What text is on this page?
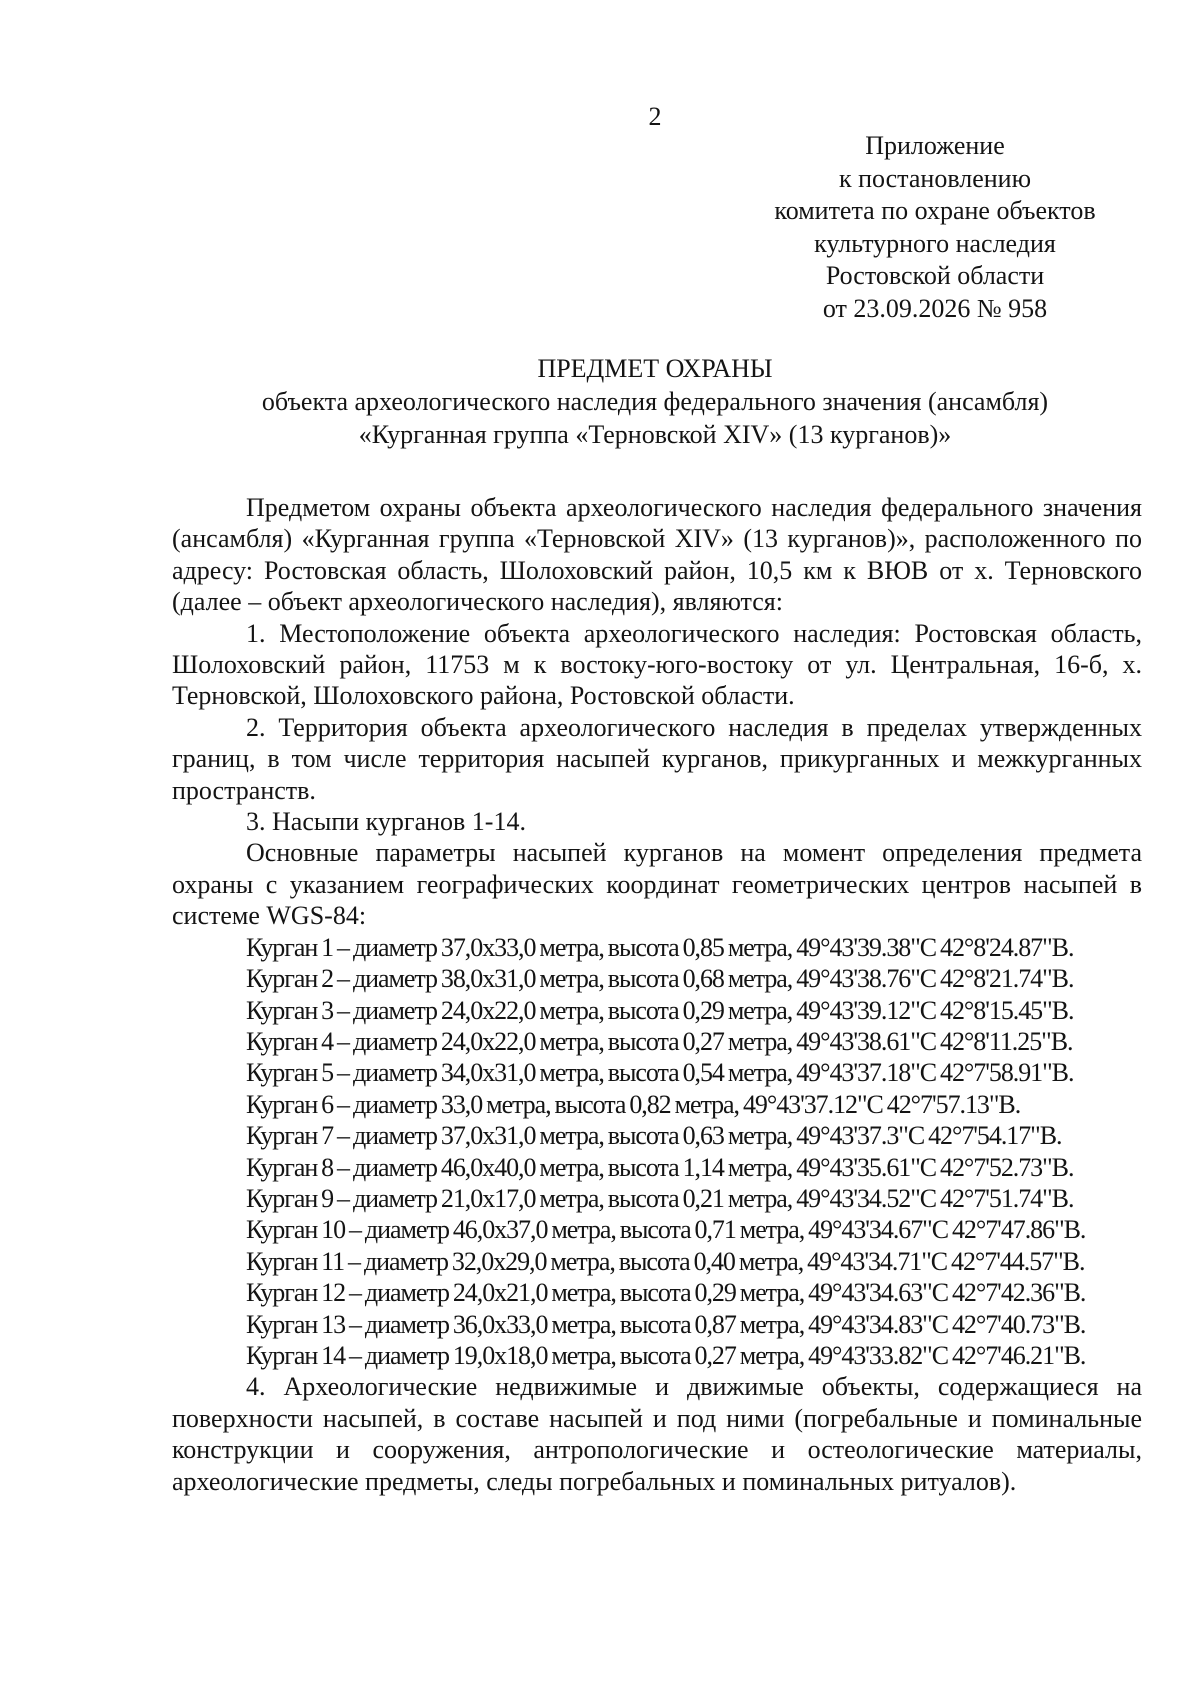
2
Приложение
к постановлению
комитета по охране объектов
культурного наследия
Ростовской области
от 23.09.2026 № 958
ПРЕДМЕТ ОХРАНЫ
объекта археологического наследия федерального значения (ансамбля)
«Курганная группа «Терновской XIV» (13 курганов)»

Предметом охраны объекта археологического наследия федерального значения (ансамбля) «Курганная группа «Терновской XIV» (13 курганов)», расположенного по адресу: Ростовская область, Шолоховский район, 10,5 км к ВЮВ от х. Терновского (далее – объект археологического наследия), являются:

1. Местоположение объекта археологического наследия: Ростовская область, Шолоховский район, 11753 м к востоку-юго-востоку от ул. Центральная, 16-б, х. Терновской, Шолоховского района, Ростовской области.

2. Территория объекта археологического наследия в пределах утвержденных границ, в том числе территория насыпей курганов, прикурганных и межкурганных пространств.

3. Насыпи курганов 1-14.

Основные параметры насыпей курганов на момент определения предмета охраны с указанием географических координат геометрических центров насыпей в системе WGS-84:

Курган 1 – диаметр 37,0х33,0 метра, высота 0,85 метра, 49°43'39.38"С 42°8'24.87"В.
Курган 2 – диаметр 38,0х31,0 метра, высота 0,68 метра, 49°43'38.76"С 42°8'21.74"В.
Курган 3 – диаметр 24,0х22,0 метра, высота 0,29 метра, 49°43'39.12"С 42°8'15.45"В.
Курган 4 – диаметр 24,0х22,0 метра, высота 0,27 метра, 49°43'38.61"С 42°8'11.25"В.
Курган 5 – диаметр 34,0х31,0 метра, высота 0,54 метра, 49°43'37.18"С 42°7'58.91"В.
Курган 6 – диаметр 33,0 метра, высота 0,82 метра, 49°43'37.12"С 42°7'57.13"В.
Курган 7 – диаметр 37,0х31,0 метра, высота 0,63 метра, 49°43'37.3"С 42°7'54.17"В.
Курган 8 – диаметр 46,0х40,0 метра, высота 1,14 метра, 49°43'35.61"С 42°7'52.73"В.
Курган 9 – диаметр 21,0х17,0 метра, высота 0,21 метра, 49°43'34.52"С 42°7'51.74"В.
Курган 10 – диаметр 46,0х37,0 метра, высота 0,71 метра, 49°43'34.67"С 42°7'47.86"В.
Курган 11 – диаметр 32,0х29,0 метра, высота 0,40 метра, 49°43'34.71"С 42°7'44.57"В.
Курган 12 – диаметр 24,0х21,0 метра, высота 0,29 метра, 49°43'34.63"С 42°7'42.36"В.
Курган 13 – диаметр 36,0х33,0 метра, высота 0,87 метра, 49°43'34.83"С 42°7'40.73"В.
Курган 14 – диаметр 19,0х18,0 метра, высота 0,27 метра, 49°43'33.82"С 42°7'46.21"В.

4. Археологические недвижимые и движимые объекты, содержащиеся на поверхности насыпей, в составе насыпей и под ними (погребальные и поминальные конструкции и сооружения, антропологические и остеологические материалы, археологические предметы, следы погребальных и поминальных ритуалов).
